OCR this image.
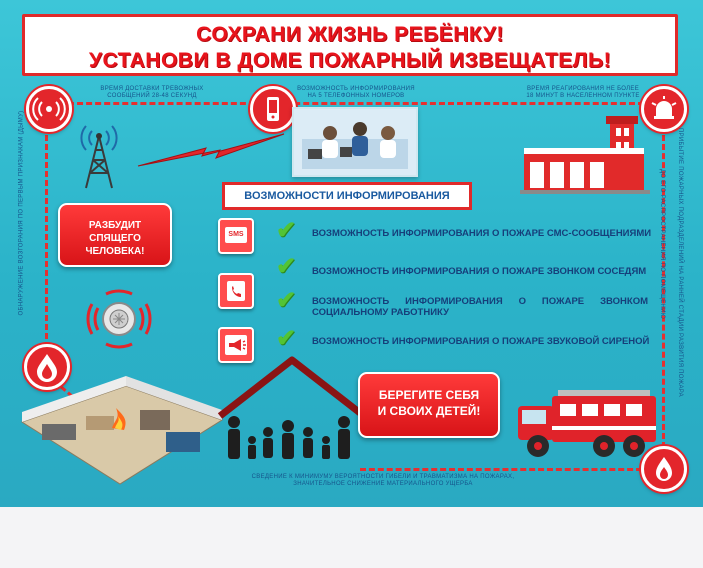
СОХРАНИ ЖИЗНЬ РЕБЁНКУ!
УСТАНОВИ В ДОМЕ ПОЖАРНЫЙ ИЗВЕЩАТЕЛЬ!
ВРЕМЯ ДОСТАВКИ ТРЕВОЖНЫХ
СООБЩЕНИЙ 28-48 СЕКУНД
ВОЗМОЖНОСТЬ ИНФОРМИРОВАНИЯ
НА 5 ТЕЛЕФОННЫХ НОМЕРОВ
ВРЕМЯ РЕАГИРОВАНИЯ НЕ БОЛЕЕ
18 МИНУТ В НАСЕЛЕННОМ ПУНКТЕ
ОБНАРУЖЕНИЕ ВОЗГОРАНИЯ ПО ПЕРВЫМ ПРИЗНАКАМ (ДЫМУ)	ПРИБЫТИЕ ПОЖАРНЫХ ПОДРАЗДЕЛЕНИЙ НА РАННЕЙ СТАДИИ РАЗВИТИЯ ПОЖАРА
ДО ЕГО РАСПРОСТРАНЕНИЯ ПО ПОМЕЩЕНИЮ
ВОЗМОЖНОСТИ ИНФОРМИРОВАНИЯ
РАЗБУДИТ СПЯЩЕГО ЧЕЛОВЕКА!
SMS ✔
✔
✔
✔
ВОЗМОЖНОСТЬ ИНФОРМИРОВАНИЯ О ПОЖАРЕ СМС-СООБЩЕНИЯМИ
ВОЗМОЖНОСТЬ ИНФОРМИРОВАНИЯ О ПОЖАРЕ ЗВОНКОМ СОСЕДЯМ
ВОЗМОЖНОСТЬ ИНФОРМИРОВАНИЯ О ПОЖАРЕ ЗВОНКОМ СОЦИАЛЬНОМУ РАБОТНИКУ
ВОЗМОЖНОСТЬ ИНФОРМИРОВАНИЯ О ПОЖАРЕ ЗВУКОВОЙ СИРЕНОЙ
БЕРЕГИТЕ СЕБЯ
И СВОИХ ДЕТЕЙ!
СВЕДЕНИЕ К МИНИМУМУ ВЕРОЯТНОСТИ ГИБЕЛИ И ТРАВМАТИЗМА НА ПОЖАРАХ,
ЗНАЧИТЕЛЬНОЕ СНИЖЕНИЕ МАТЕРИАЛЬНОГО УЩЕРБА
